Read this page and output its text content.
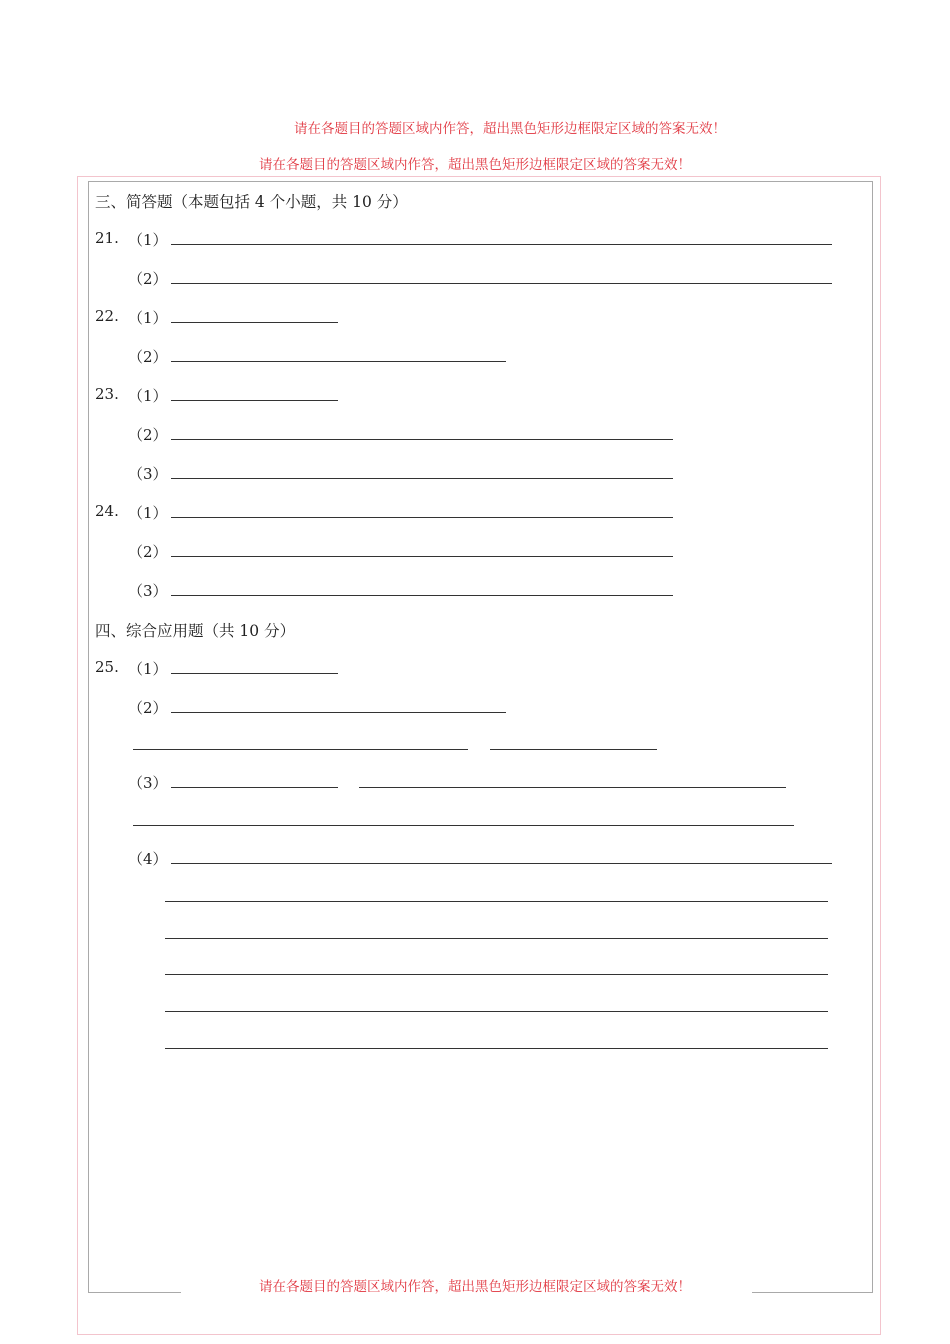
请在各题目的答题区域内作答，超出黑色矩形边框限定区域的答案无效！
请在各题目的答题区域内作答，超出黑色矩形边框限定区域的答案无效！
三、简答题（本题包括 4 个小题，共 10 分）
21. （1）
（2）
22. （1）
（2）
23. （1）
（2）
（3）
24. （1）
（2）
（3）
四、综合应用题（共 10 分）
25. （1）
（2）
（3）
（4）
请在各题目的答题区域内作答，超出黑色矩形边框限定区域的答案无效！
